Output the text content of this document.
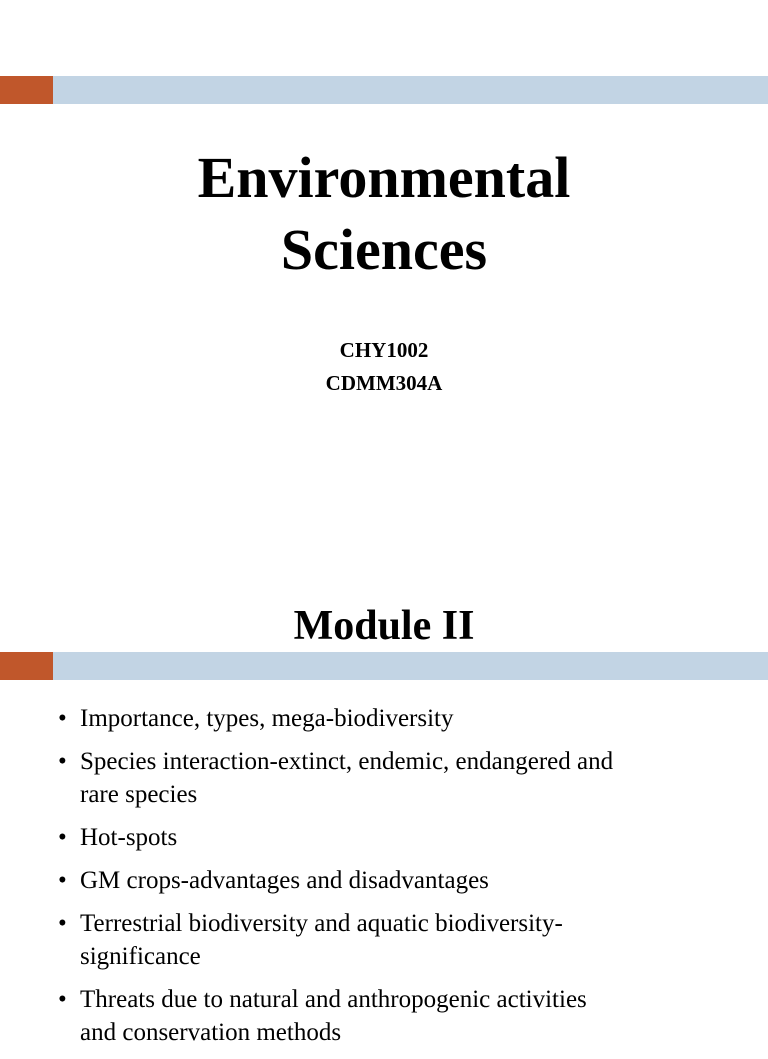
Environmental
Sciences
CHY1002
CDMM304A
Module II
• Importance, types, mega-biodiversity
• Species interaction-extinct, endemic, endangered and
rare species
• Hot-spots
• GM crops-advantages and disadvantages
• Terrestrial biodiversity and aquatic biodiversity-
significance
• Threats due to natural and anthropogenic activities
and conservation methods
